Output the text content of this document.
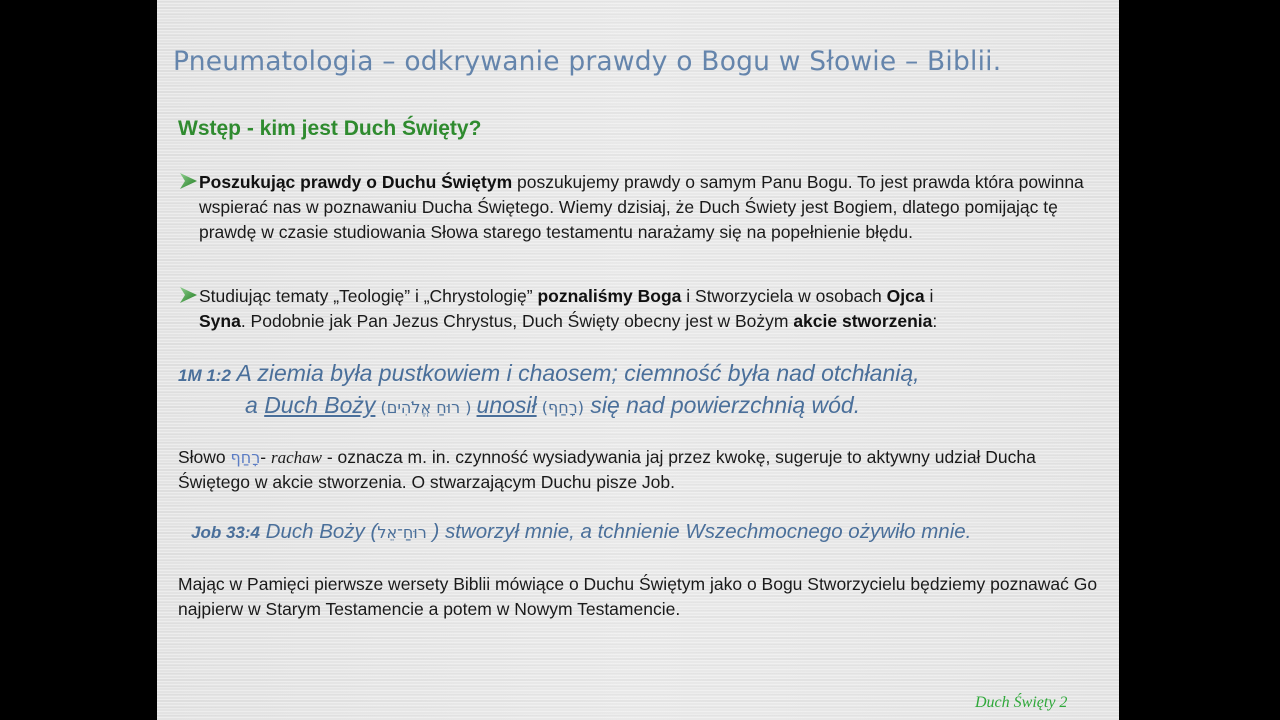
Pneumatologia – odkrywanie prawdy o Bogu w Słowie – Biblii.
Wstęp - kim jest Duch Święty?
Poszukując prawdy o Duchu Świętym poszukujemy prawdy o samym Panu Bogu. To jest prawda która powinna wspierać nas w poznawaniu Ducha Świętego. Wiemy dzisiaj, że Duch Świety jest Bogiem, dlatego pomijając tę prawdę w czasie studiowania Słowa starego testamentu narażamy się na popełnienie błędu.
Studiując tematy „Teologię” i „Chrystologię” poznaliśmy Boga i Stworzyciela w osobach Ojca i
Syna. Podobnie jak Pan Jezus Chrystus, Duch Święty obecny jest w Bożym akcie stworzenia:
1M 1:2 A ziemia była pustkowiem i chaosem; ciemność była nad otchłanią,
a Duch Boży (רוּחַ אֱלֹהִים ) unosił (רָחַף) się nad powierzchnią wód.
Słowo רָחַף- rachaw - oznacza m. in. czynność wysiadywania jaj przez kwokę, sugeruje to aktywny udział Ducha Świętego w akcie stworzenia. O stwarzającym Duchu pisze Job.
Job 33:4 Duch Boży (רוּחַ־אֵל ) stworzył mnie, a tchnienie Wszechmocnego ożywiło mnie.
Mając w Pamięci pierwsze wersety Biblii mówiące o Duchu Świętym jako o Bogu Stworzycielu będziemy poznawać Go najpierw w Starym Testamencie a potem w Nowym Testamencie.
Duch Święty 2
